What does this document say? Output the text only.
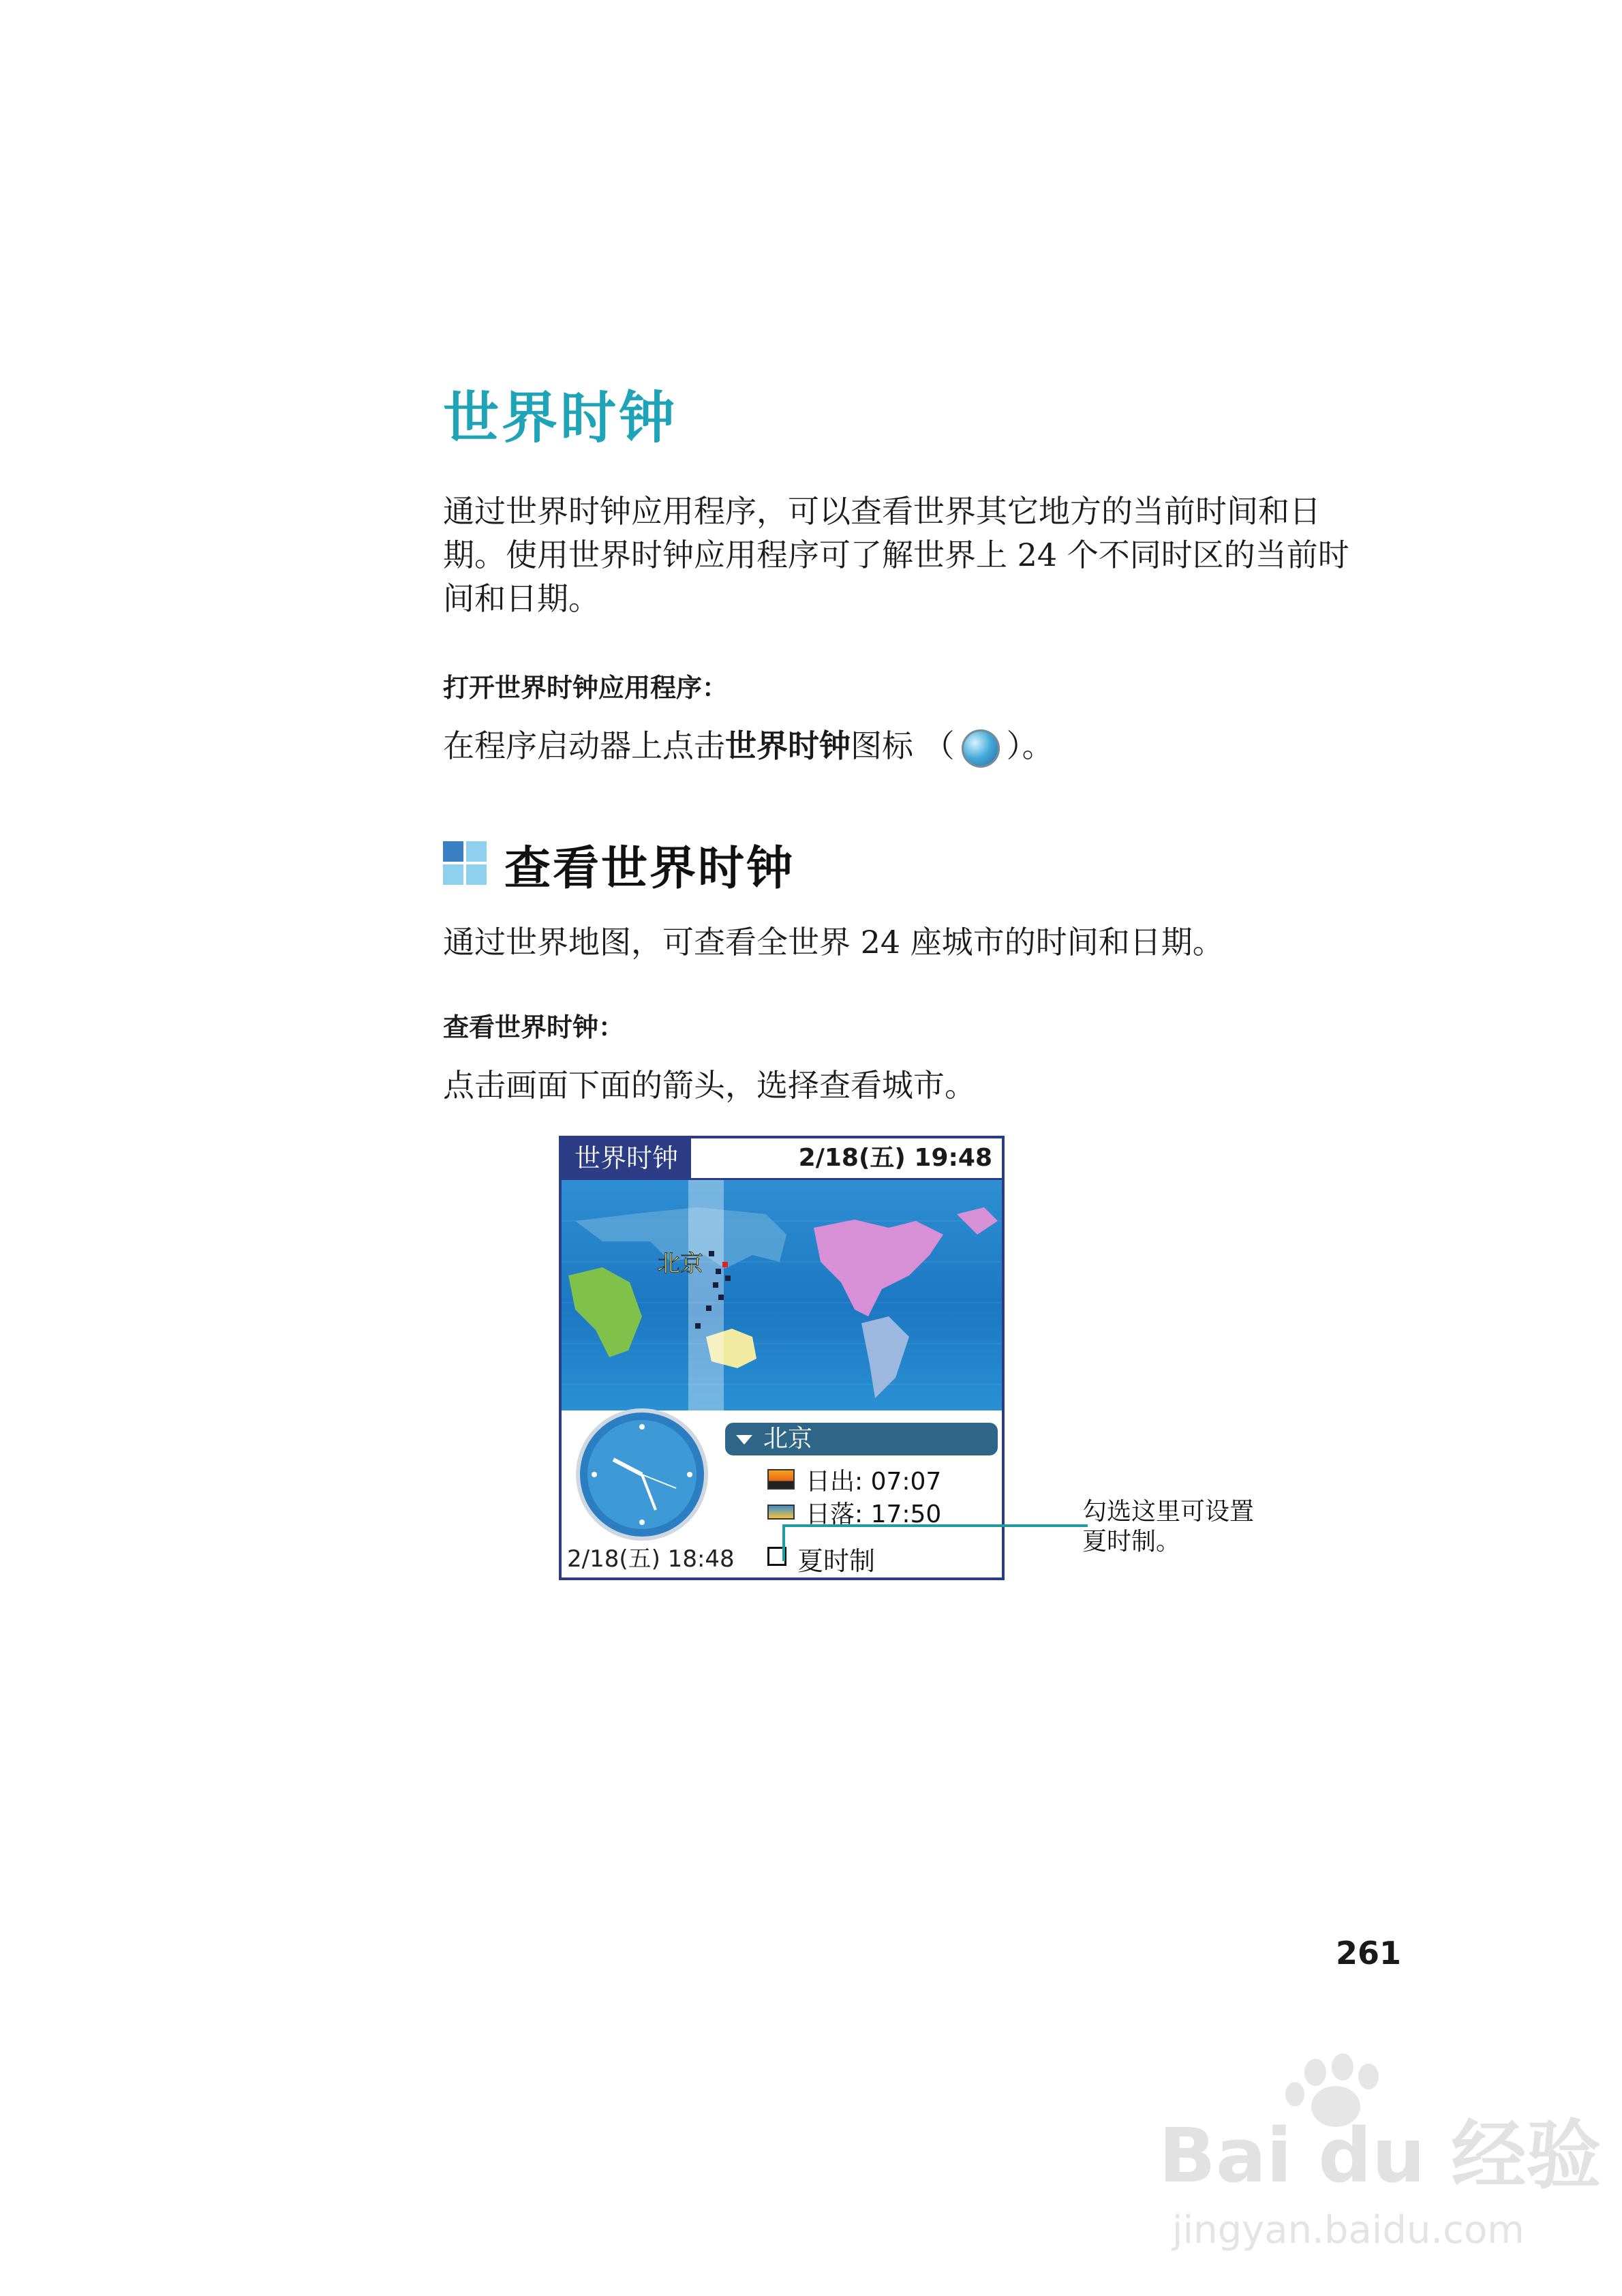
世界时钟
通过世界时钟应用程序，可以查看世界其它地方的当前时间和日
期。使用世界时钟应用程序可了解世界上 24 个不同时区的当前时
间和日期。
打开世界时钟应用程序：
在程序启动器上点击世界时钟图标 （ ）。
查看世界时钟
通过世界地图，可查看全世界 24 座城市的时间和日期。
查看世界时钟：
点击画面下面的箭头，选择查看城市。
世界时钟	2/18(五) 19:48
北京
北京
日出: 07:07
日落: 17:50
2/18(五) 18:48 夏时制
勾选这里可设置
夏时制。
261
Bai du 经验
jingyan.baidu.com
